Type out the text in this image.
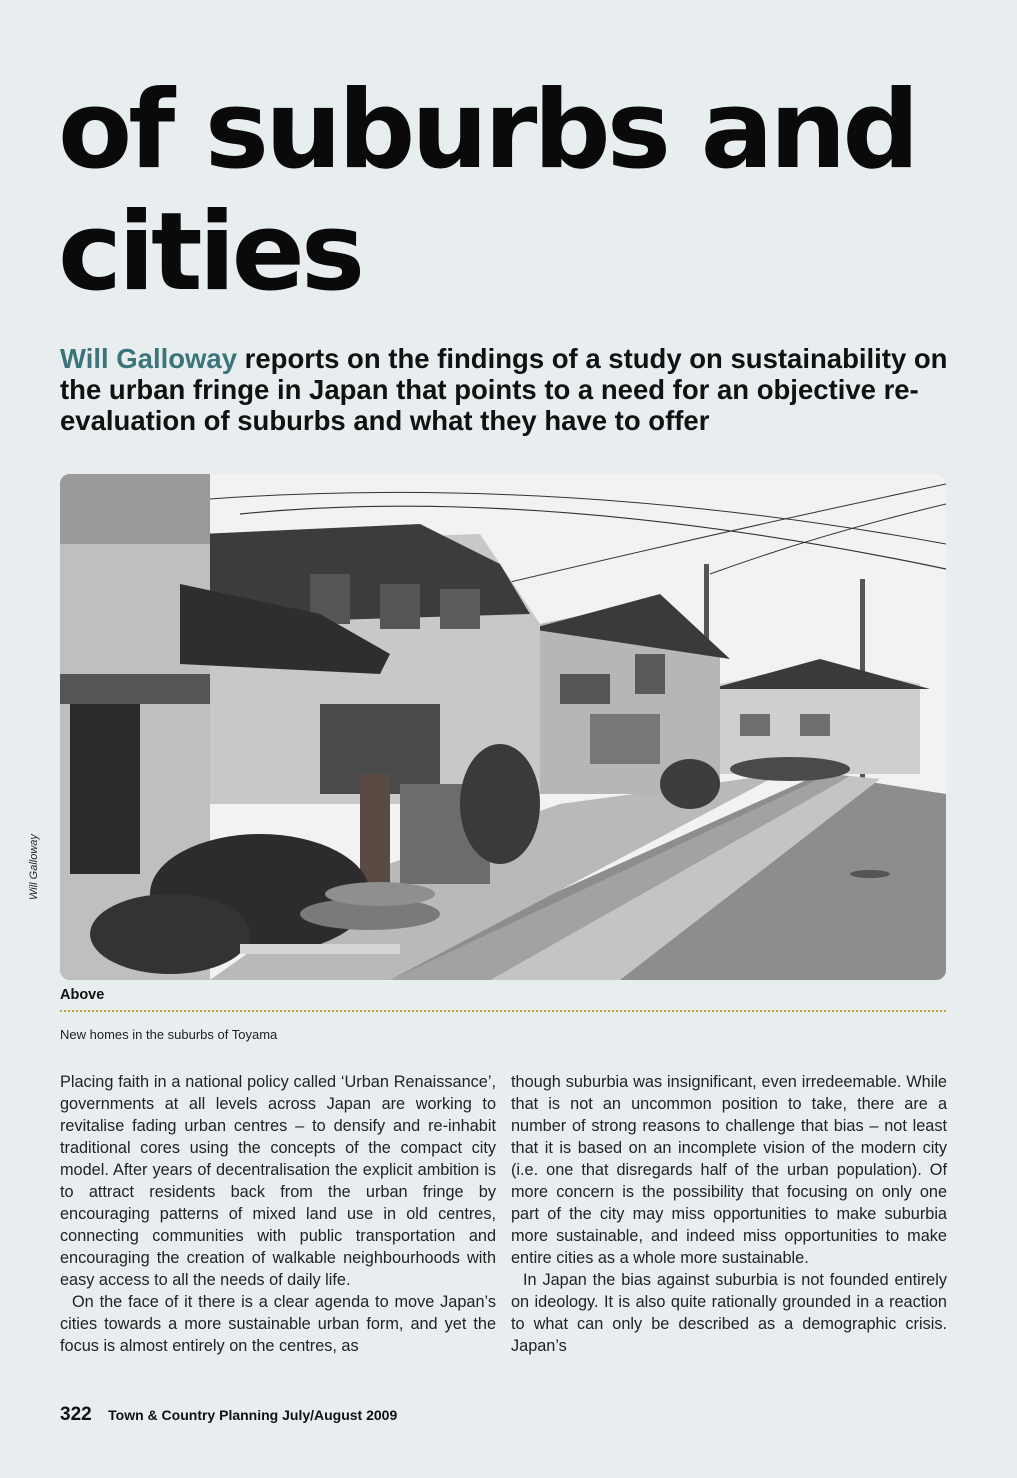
of suburbs and
cities

Will Galloway reports on the findings of a study on sustainability on the urban fringe in Japan that points to a need for an objective re-evaluation of suburbs and what they have to offer

Will Galloway

Above

New homes in the suburbs of Toyama

Placing faith in a national policy called ‘Urban Renaissance’, governments at all levels across Japan are working to revitalise fading urban centres – to densify and re-inhabit traditional cores using the concepts of the compact city model. After years of decentralisation the explicit ambition is to attract residents back from the urban fringe by encouraging patterns of mixed land use in old centres, connecting communities with public transportation and encouraging the creation of walkable neighbourhoods with easy access to all the needs of daily life.

On the face of it there is a clear agenda to move Japan’s cities towards a more sustainable urban form, and yet the focus is almost entirely on the centres, as

though suburbia was insignificant, even irredeemable. While that is not an uncommon position to take, there are a number of strong reasons to challenge that bias – not least that it is based on an incomplete vision of the modern city (i.e. one that disregards half of the urban population). Of more concern is the possibility that focusing on only one part of the city may miss opportunities to make suburbia more sustainable, and indeed miss opportunities to make entire cities as a whole more sustainable.

In Japan the bias against suburbia is not founded entirely on ideology. It is also quite rationally grounded in a reaction to what can only be described as a demographic crisis. Japan’s

322 Town & Country Planning July/August 2009
